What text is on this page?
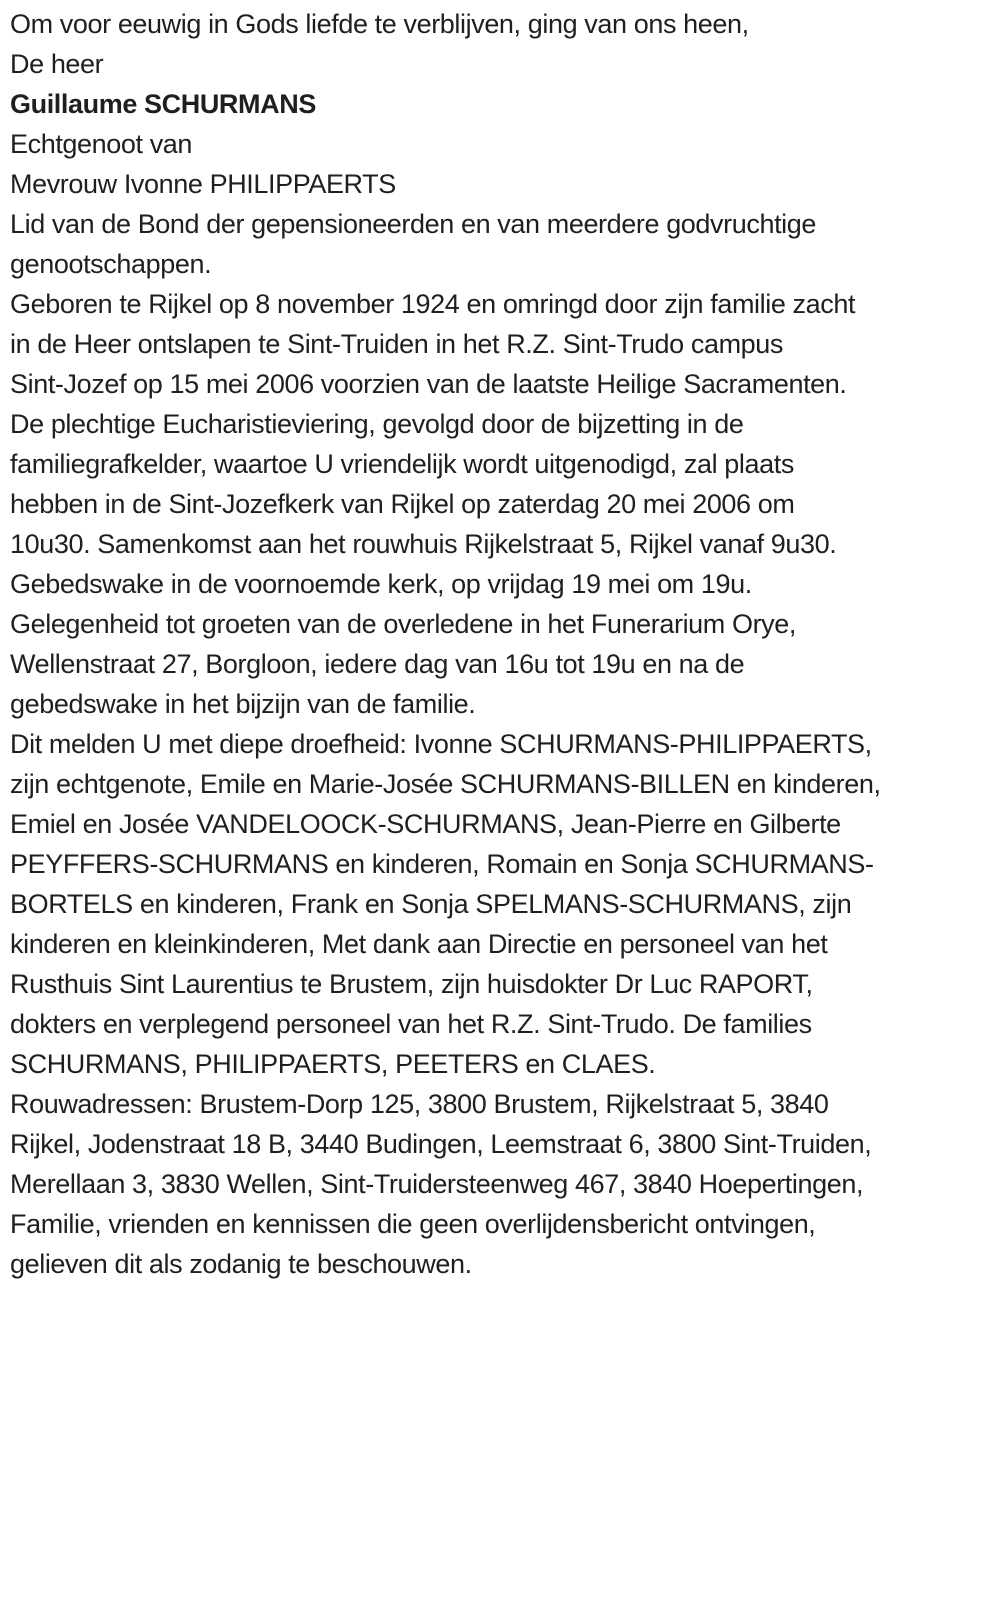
Om voor eeuwig in Gods liefde te verblijven, ging van ons heen,

De heer

Guillaume SCHURMANS

Echtgenoot van

Mevrouw Ivonne PHILIPPAERTS

Lid van de Bond der gepensioneerden en van meerdere godvruchtige
genootschappen.

Geboren te Rijkel op 8 november 1924 en omringd door zijn familie zacht
in de Heer ontslapen te Sint-Truiden in het R.Z. Sint-Trudo campus
Sint-Jozef op 15 mei 2006 voorzien van de laatste Heilige Sacramenten.

De plechtige Eucharistieviering, gevolgd door de bijzetting in de
familiegrafkelder, waartoe U vriendelijk wordt uitgenodigd, zal plaats
hebben in de Sint-Jozefkerk van Rijkel op zaterdag 20 mei 2006 om
10u30. Samenkomst aan het rouwhuis Rijkelstraat 5, Rijkel vanaf 9u30.
Gebedswake in de voornoemde kerk, op vrijdag 19 mei om 19u.
Gelegenheid tot groeten van de overledene in het Funerarium Orye,
Wellenstraat 27, Borgloon, iedere dag van 16u tot 19u en na de
gebedswake in het bijzijn van de familie.

Dit melden U met diepe droefheid: Ivonne SCHURMANS-PHILIPPAERTS,
zijn echtgenote, Emile en Marie-Josée SCHURMANS-BILLEN en kinderen,
Emiel en Josée VANDELOOCK-SCHURMANS, Jean-Pierre en Gilberte
PEYFFERS-SCHURMANS en kinderen, Romain en Sonja SCHURMANS-
BORTELS en kinderen, Frank en Sonja SPELMANS-SCHURMANS, zijn
kinderen en kleinkinderen, Met dank aan Directie en personeel van het
Rusthuis Sint Laurentius te Brustem, zijn huisdokter Dr Luc RAPORT,
dokters en verplegend personeel van het R.Z. Sint-Trudo. De families
SCHURMANS, PHILIPPAERTS, PEETERS en CLAES.

Rouwadressen: Brustem-Dorp 125, 3800 Brustem, Rijkelstraat 5, 3840
Rijkel, Jodenstraat 18 B, 3440 Budingen, Leemstraat 6, 3800 Sint-Truiden,
Merellaan 3, 3830 Wellen, Sint-Truidersteenweg 467, 3840 Hoepertingen,

Familie, vrienden en kennissen die geen overlijdensbericht ontvingen,
gelieven dit als zodanig te beschouwen.
